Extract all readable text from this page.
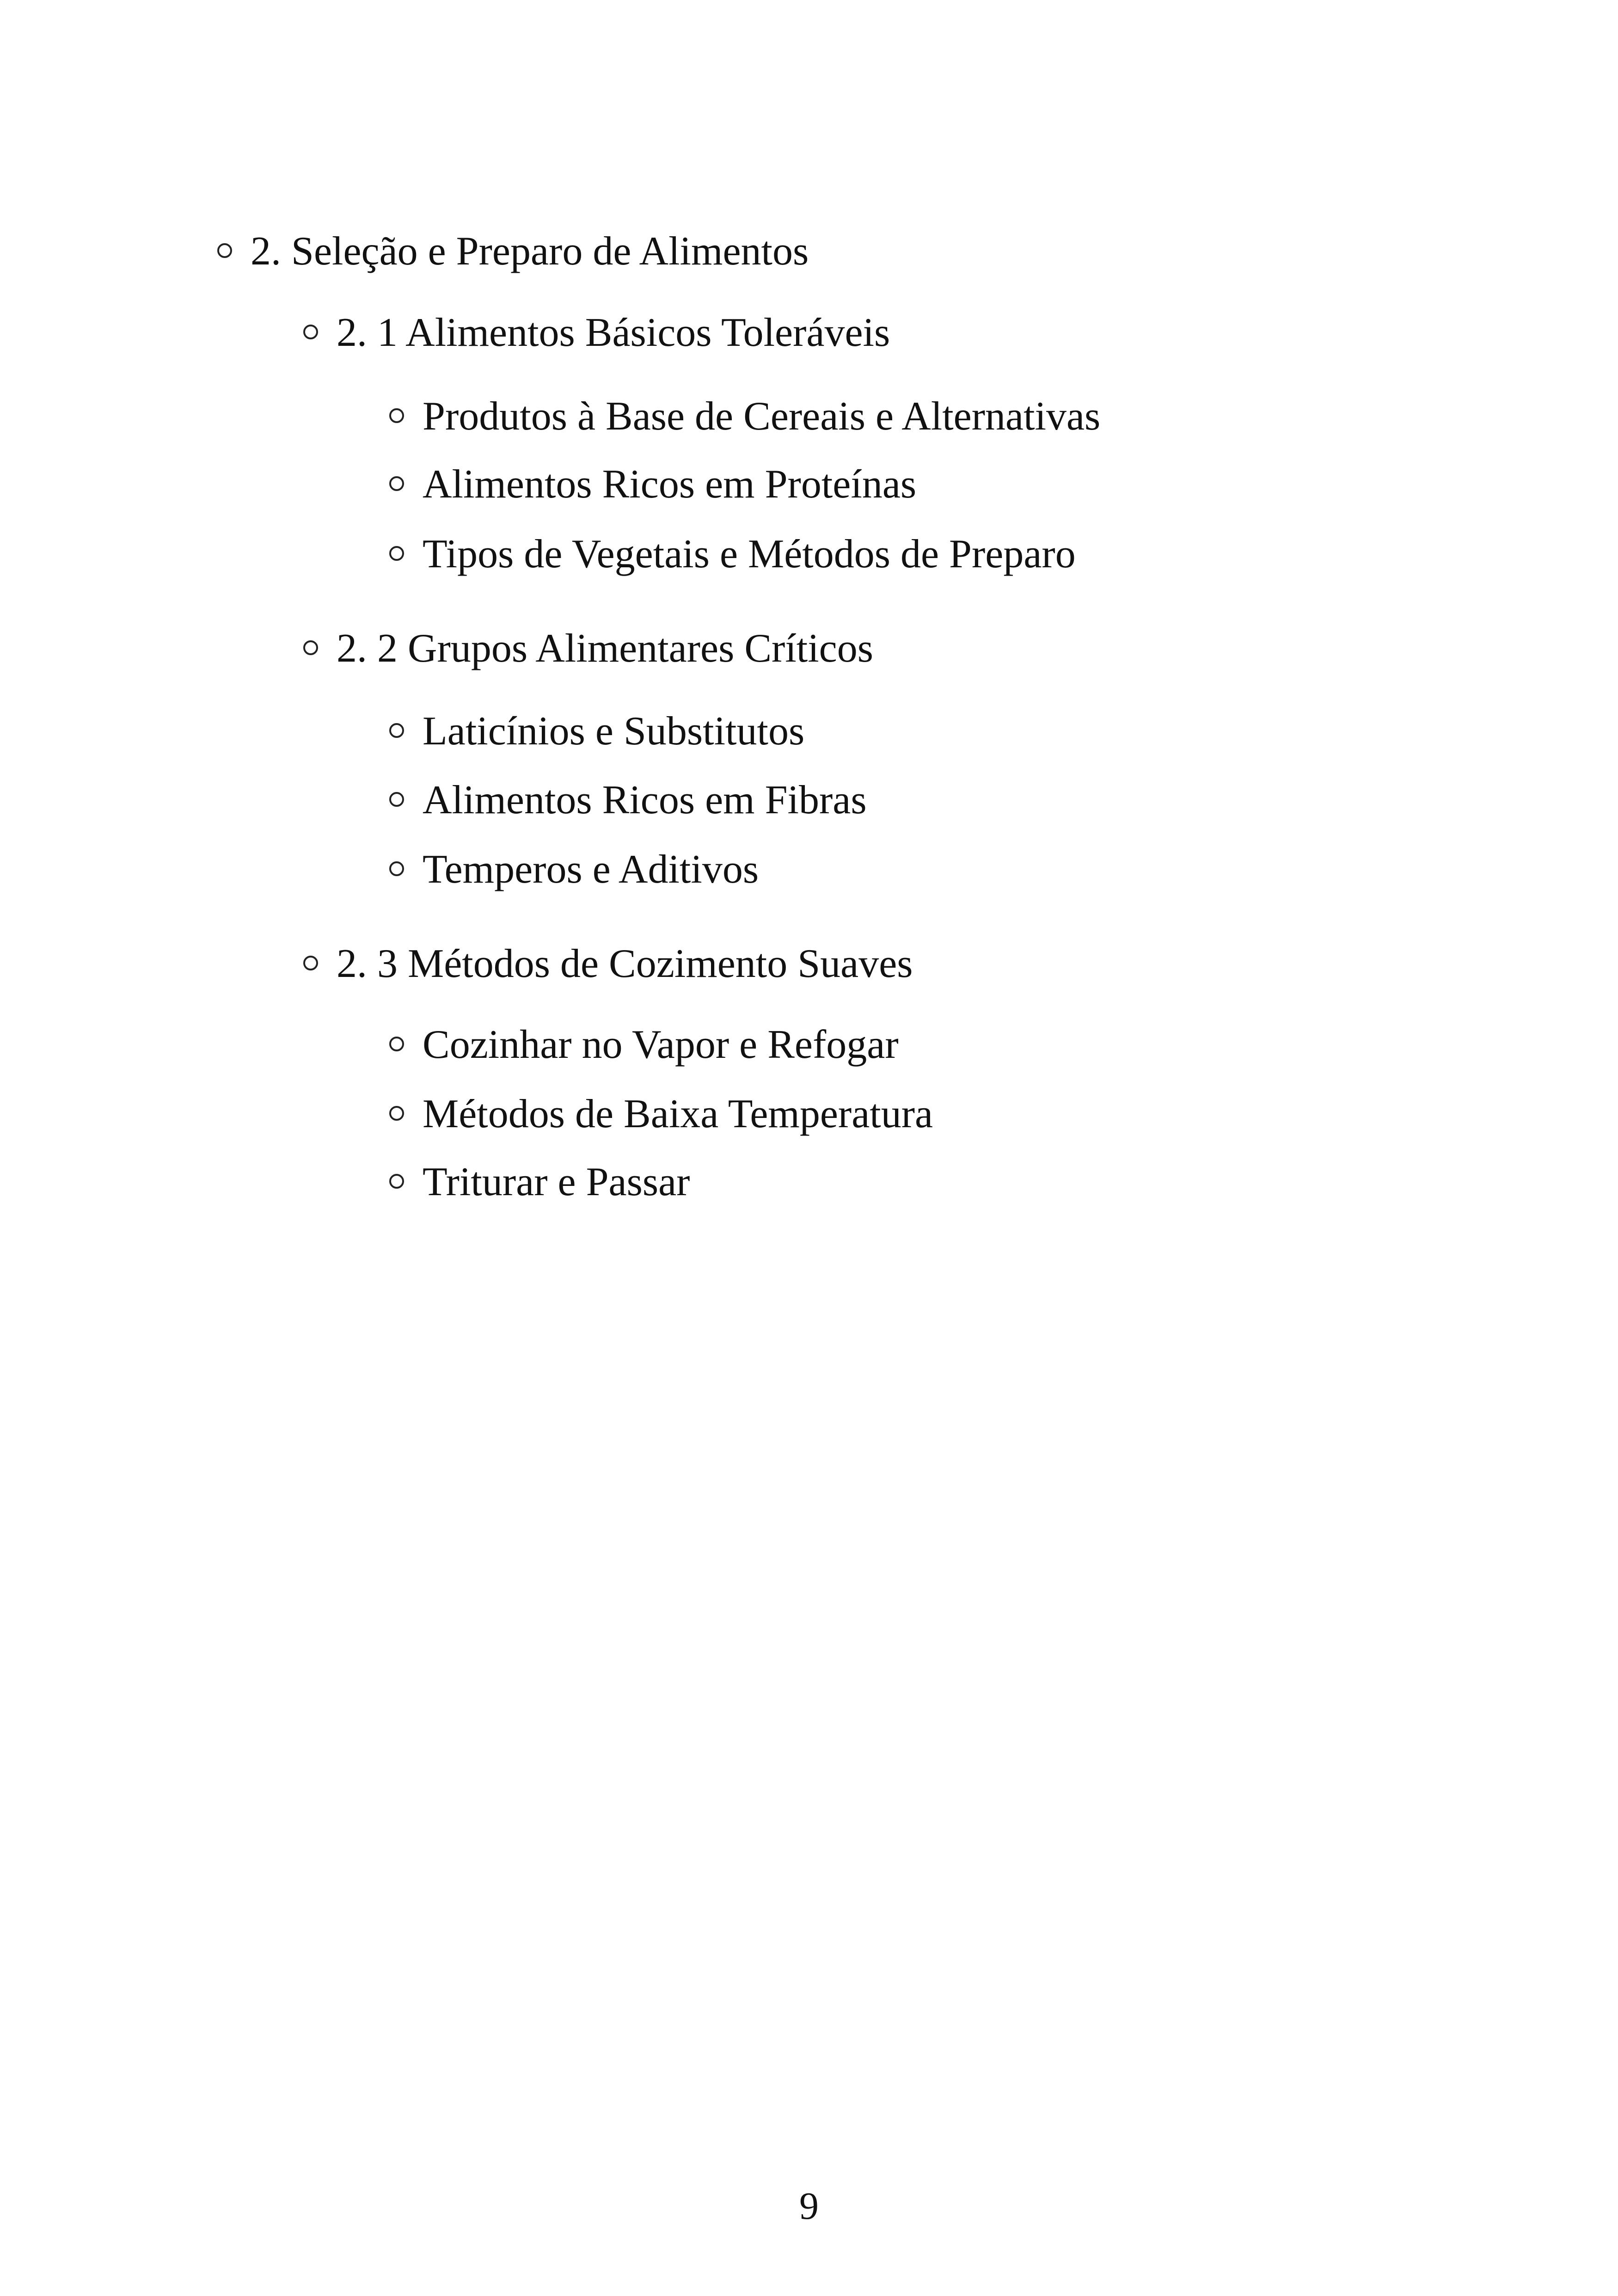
2. Seleção e Preparo de Alimentos
2. 1 Alimentos Básicos Toleráveis
Produtos à Base de Cereais e Alternativas
Alimentos Ricos em Proteínas
Tipos de Vegetais e Métodos de Preparo
2. 2 Grupos Alimentares Críticos
Laticínios e Substitutos
Alimentos Ricos em Fibras
Temperos e Aditivos
2. 3 Métodos de Cozimento Suaves
Cozinhar no Vapor e Refogar
Métodos de Baixa Temperatura
Triturar e Passar
9
